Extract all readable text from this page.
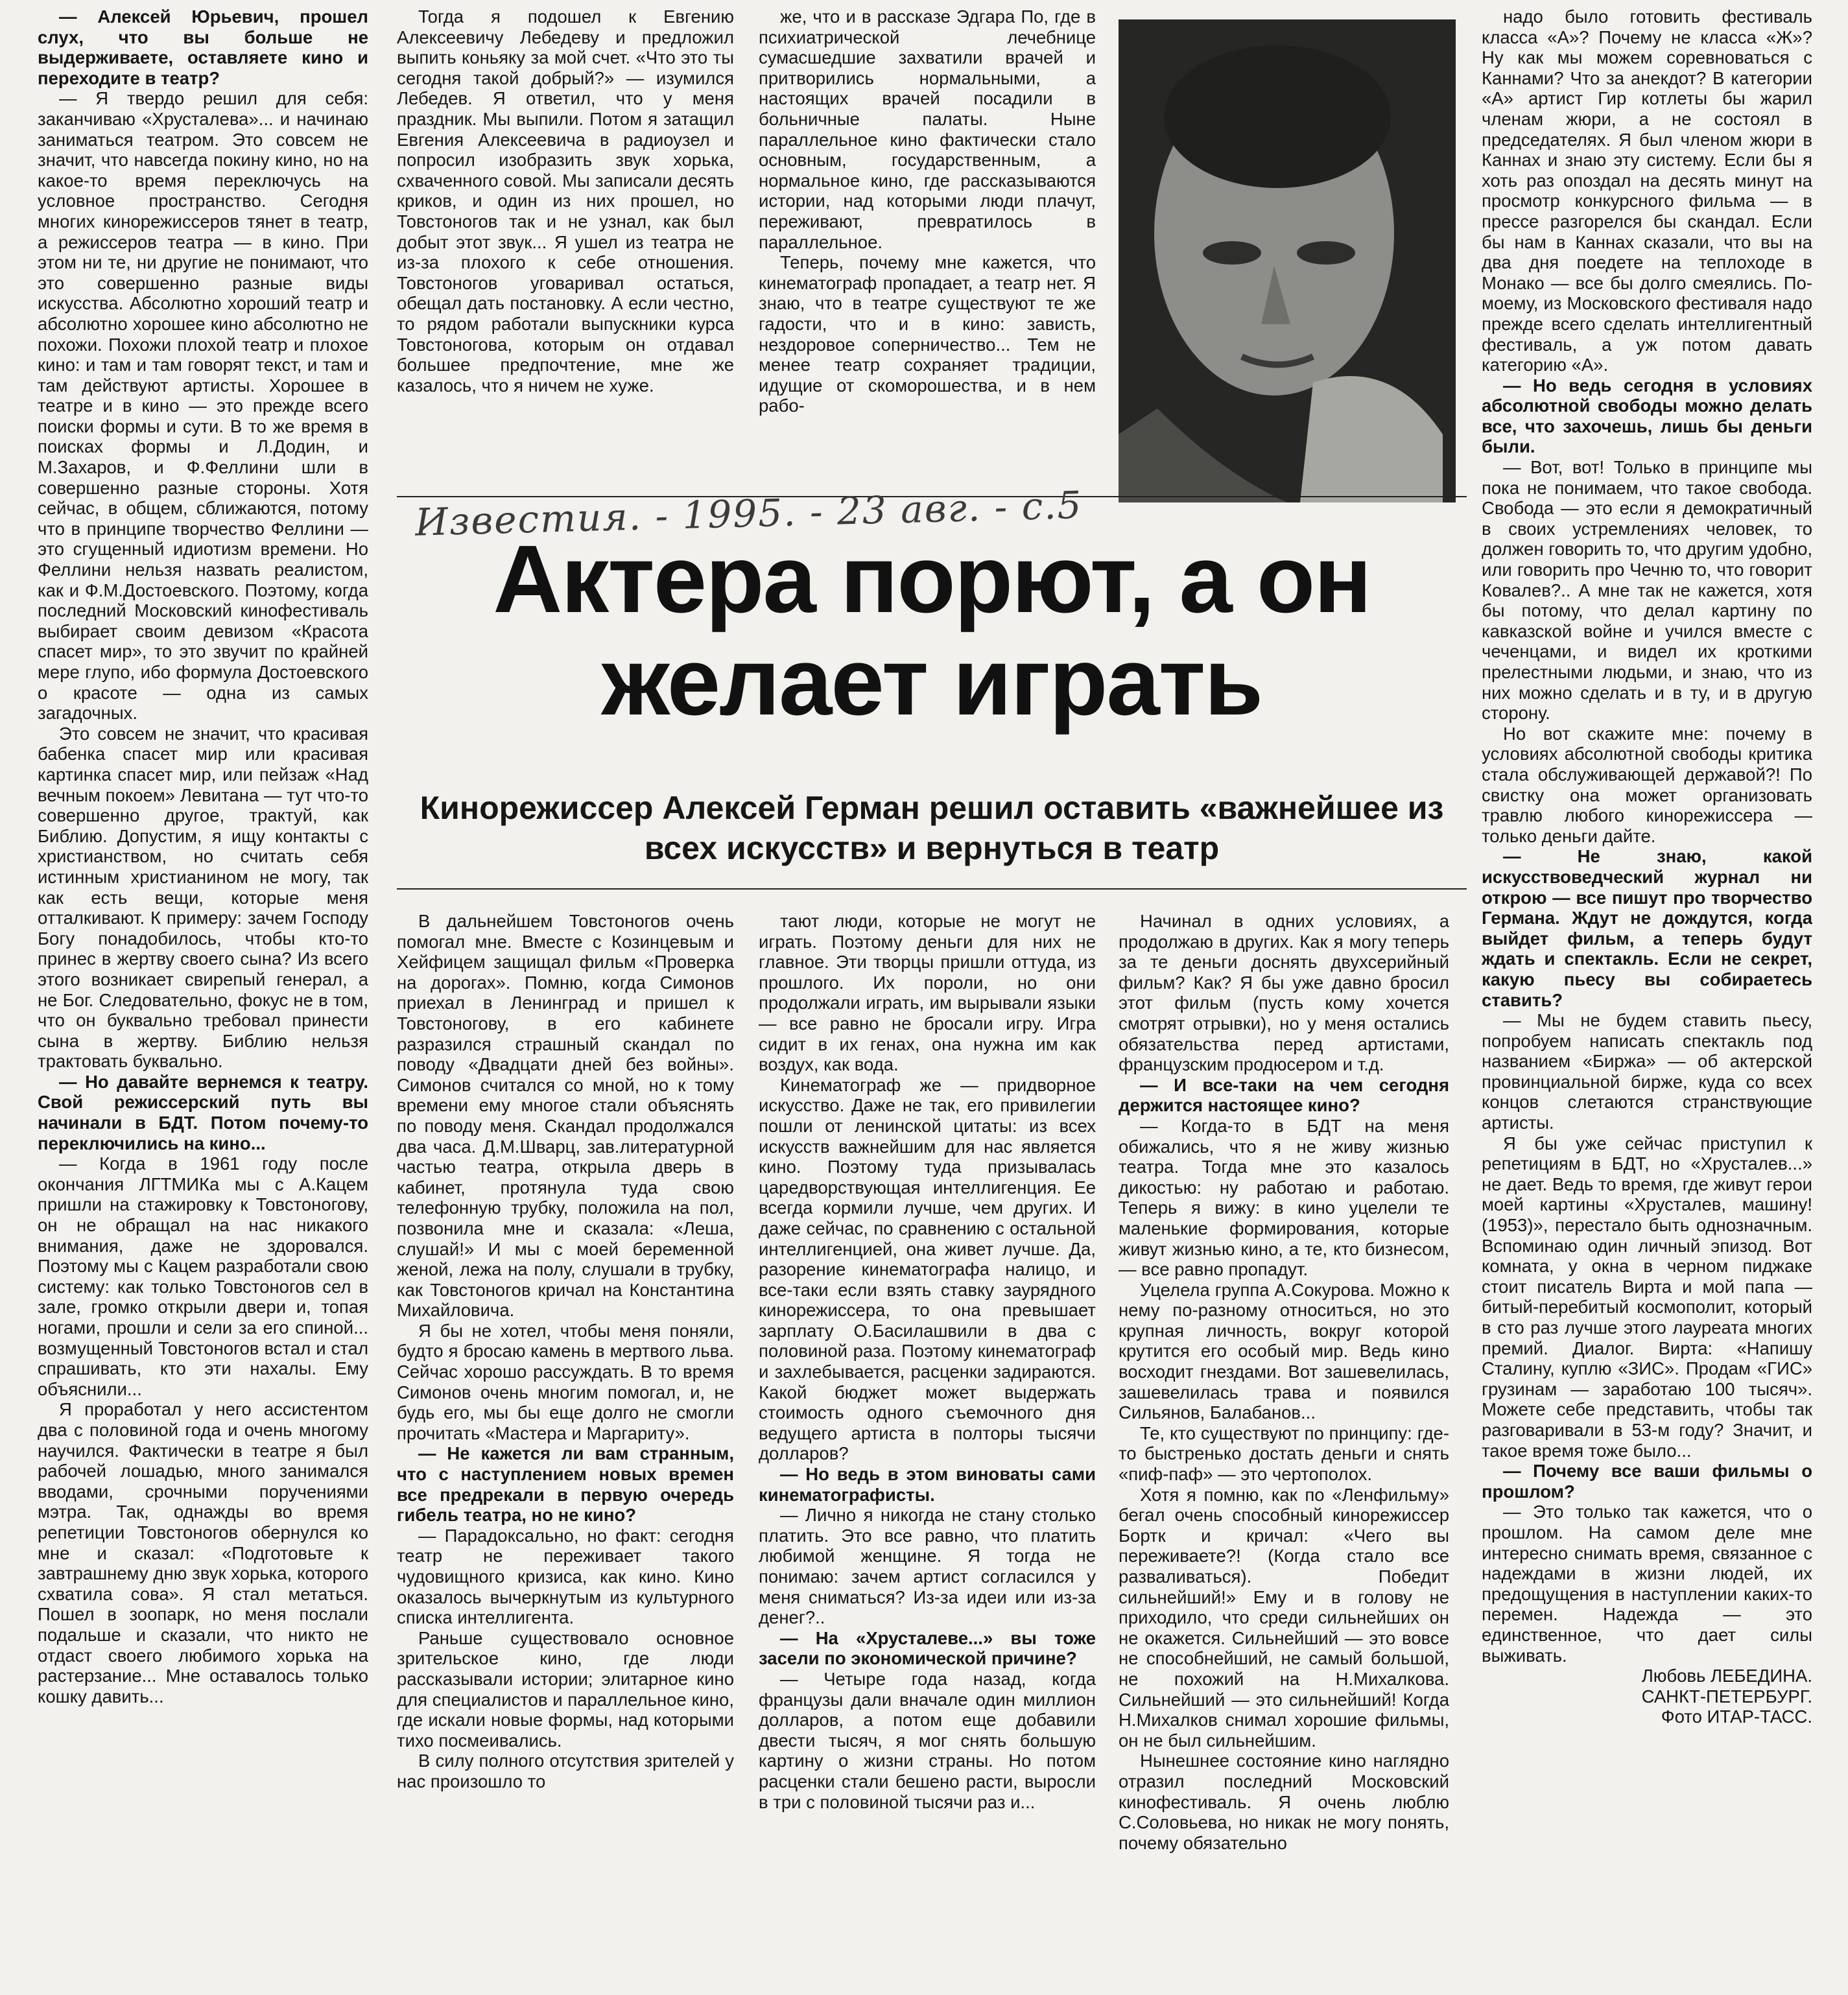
— Алексей Юрьевич, прошел слух, что вы больше не выдерживаете, оставляете кино и переходите в театр?

— Я твердо решил для себя: заканчиваю «Хрусталева»... и начинаю заниматься театром. Это совсем не значит, что навсегда покину кино, но на какое-то время переключусь на условное пространство. Сегодня многих кинорежиссеров тянет в театр, а режиссеров театра — в кино. При этом ни те, ни другие не понимают, что это совершенно разные виды искусства. Абсолютно хороший театр и абсолютно хорошее кино абсолютно не похожи. Похожи плохой театр и плохое кино: и там и там говорят текст, и там и там действуют артисты. Хорошее в театре и в кино — это прежде всего поиски формы и сути. В то же время в поисках формы и Л.Додин, и М.Захаров, и Ф.Феллини шли в совершенно разные стороны. Хотя сейчас, в общем, сближаются, потому что в принципе творчество Феллини — это сгущенный идиотизм времени. Но Феллини нельзя назвать реалистом, как и Ф.М.Достоевского. Поэтому, когда последний Московский кинофестиваль выбирает своим девизом «Красота спасет мир», то это звучит по крайней мере глупо, ибо формула Достоевского о красоте — одна из самых загадочных.

Это совсем не значит, что красивая бабенка спасет мир или красивая картинка спасет мир, или пейзаж «Над вечным покоем» Левитана — тут что-то совершенно другое, трактуй, как Библию. Допустим, я ищу контакты с христианством, но считать себя истинным христианином не могу, так как есть вещи, которые меня отталкивают. К примеру: зачем Господу Богу понадобилось, чтобы кто-то принес в жертву своего сына? Из всего этого возникает свирепый генерал, а не Бог. Следовательно, фокус не в том, что он буквально требовал принести сына в жертву. Библию нельзя трактовать буквально.

— Но давайте вернемся к театру. Свой режиссерский путь вы начинали в БДТ. Потом почему-то переключились на кино...

— Когда в 1961 году после окончания ЛГТМИКа мы с А.Кацем пришли на стажировку к Товстоногову, он не обращал на нас никакого внимания, даже не здоровался. Поэтому мы с Кацем разработали свою систему: как только Товстоногов сел в зале, громко открыли двери и, топая ногами, прошли и сели за его спиной... возмущенный Товстоногов встал и стал спрашивать, кто эти нахалы. Ему объяснили...

Я проработал у него ассистентом два с половиной года и очень многому научился. Фактически в театре я был рабочей лошадью, много занимался вводами, срочными поручениями мэтра. Так, однажды во время репетиции Товстоногов обернулся ко мне и сказал: «Подготовьте к завтрашнему дню звук хорька, которого схватила сова». Я стал метаться. Пошел в зоопарк, но меня послали подальше и сказали, что никто не отдаст своего любимого хорька на растерзание... Мне оставалось только кошку давить...

Тогда я подошел к Евгению Алексеевичу Лебедеву и предложил выпить коньяку за мой счет. «Что это ты сегодня такой добрый?» — изумился Лебедев. Я ответил, что у меня праздник. Мы выпили. Потом я затащил Евгения Алексеевича в радиоузел и попросил изобразить звук хорька, схваченного совой. Мы записали десять криков, и один из них прошел, но Товстоногов так и не узнал, как был добыт этот звук... Я ушел из театра не из-за плохого к себе отношения. Товстоногов уговаривал остаться, обещал дать постановку. А если честно, то рядом работали выпускники курса Товстоногова, которым он отдавал большее предпочтение, мне же казалось, что я ничем не хуже.

же, что и в рассказе Эдгара По, где в психиатрической лечебнице сумасшедшие захватили врачей и притворились нормальными, а настоящих врачей посадили в больничные палаты. Ныне параллельное кино фактически стало основным, государственным, а нормальное кино, где рассказываются истории, над которыми люди плачут, переживают, превратилось в параллельное.

Теперь, почему мне кажется, что кинематограф пропадает, а театр нет. Я знаю, что в театре существуют те же гадости, что и в кино: зависть, нездоровое соперничество... Тем не менее театр сохраняет традиции, идущие от скоморошества, и в нем рабо-

надо было готовить фестиваль класса «А»? Почему не класса «Ж»? Ну как мы можем соревноваться с Каннами? Что за анекдот? В категории «А» артист Гир котлеты бы жарил членам жюри, а не состоял в председателях. Я был членом жюри в Каннах и знаю эту систему. Если бы я хоть раз опоздал на десять минут на просмотр конкурсного фильма — в прессе разгорелся бы скандал. Если бы нам в Каннах сказали, что вы на два дня поедете на теплоходе в Монако — все бы долго смеялись. По-моему, из Московского фестиваля надо прежде всего сделать интеллигентный фестиваль, а уж потом давать категорию «А».

— Но ведь сегодня в условиях абсолютной свободы можно делать все, что захочешь, лишь бы деньги были.

— Вот, вот! Только в принципе мы пока не понимаем, что такое свобода. Свобода — это если я демократичный в своих устремлениях человек, то должен говорить то, что другим удобно, или говорить про Чечню то, что говорит Ковалев?.. А мне так не кажется, хотя бы потому, что делал картину по кавказской войне и учился вместе с чеченцами, и видел их кроткими прелестными людьми, и знаю, что из них можно сделать и в ту, и в другую сторону.

Но вот скажите мне: почему в условиях абсолютной свободы критика стала обслуживающей державой?! По свистку она может организовать травлю любого кинорежиссера — только деньги дайте.

— Не знаю, какой искусствоведческий журнал ни открою — все пишут про творчество Германа. Ждут не дождутся, когда выйдет фильм, а теперь будут ждать и спектакль. Если не секрет, какую пьесу вы собираетесь ставить?

— Мы не будем ставить пьесу, попробуем написать спектакль под названием «Биржа» — об актерской провинциальной бирже, куда со всех концов слетаются странствующие артисты.

Я бы уже сейчас приступил к репетициям в БДТ, но «Хрусталев...» не дает. Ведь то время, где живут герои моей картины «Хрусталев, машину! (1953)», перестало быть однозначным. Вспоминаю один личный эпизод. Вот комната, у окна в черном пиджаке стоит писатель Вирта и мой папа — битый-перебитый космополит, который в сто раз лучше этого лауреата многих премий. Диалог. Вирта: «Напишу Сталину, куплю «ЗИС». Продам «ГИС» грузинам — заработаю 100 тысяч». Можете себе представить, чтобы так разговаривали в 53-м году? Значит, и такое время тоже было...

— Почему все ваши фильмы о прошлом?

— Это только так кажется, что о прошлом. На самом деле мне интересно снимать время, связанное с надеждами в жизни людей, их предощущения в наступлении каких-то перемен. Надежда — это единственное, что дает силы выживать.

Любовь ЛЕБЕДИНА.

САНКТ-ПЕТЕРБУРГ.

Фото ИТАР-ТАСС.

Известия. - 1995. - 23 авг. - с.5
Актера порют, а он желает играть
Кинорежиссер Алексей Герман решил оставить «важнейшее из всех искусств» и вернуться в театр

В дальнейшем Товстоногов очень помогал мне. Вместе с Козинцевым и Хейфицем защищал фильм «Проверка на дорогах». Помню, когда Симонов приехал в Ленинград и пришел к Товстоногову, в его кабинете разразился страшный скандал по поводу «Двадцати дней без войны». Симонов считался со мной, но к тому времени ему многое стали объяснять по поводу меня. Скандал продолжался два часа. Д.М.Шварц, зав.литературной частью театра, открыла дверь в кабинет, протянула туда свою телефонную трубку, положила на пол, позвонила мне и сказала: «Леша, слушай!» И мы с моей беременной женой, лежа на полу, слушали в трубку, как Товстоногов кричал на Константина Михайловича.

Я бы не хотел, чтобы меня поняли, будто я бросаю камень в мертвого льва. Сейчас хорошо рассуждать. В то время Симонов очень многим помогал, и, не будь его, мы бы еще долго не смогли прочитать «Мастера и Маргариту».

— Не кажется ли вам странным, что с наступлением новых времен все предрекали в первую очередь гибель театра, но не кино?

— Парадоксально, но факт: сегодня театр не переживает такого чудовищного кризиса, как кино. Кино оказалось вычеркнутым из культурного списка интеллигента.

Раньше существовало основное зрительское кино, где люди рассказывали истории; элитарное кино для специалистов и параллельное кино, где искали новые формы, над которыми тихо посмеивались.

В силу полного отсутствия зрителей у нас произошло то

тают люди, которые не могут не играть. Поэтому деньги для них не главное. Эти творцы пришли оттуда, из прошлого. Их пороли, но они продолжали играть, им вырывали языки — все равно не бросали игру. Игра сидит в их генах, она нужна им как воздух, как вода.

Кинематограф же — придворное искусство. Даже не так, его привилегии пошли от ленинской цитаты: из всех искусств важнейшим для нас является кино. Поэтому туда призывалась царедворствующая интеллигенция. Ее всегда кормили лучше, чем других. И даже сейчас, по сравнению с остальной интеллигенцией, она живет лучше. Да, разорение кинематографа налицо, и все-таки если взять ставку заурядного кинорежиссера, то она превышает зарплату О.Басилашвили в два с половиной раза. Поэтому кинематограф и захлебывается, расценки задираются. Какой бюджет может выдержать стоимость одного съемочного дня ведущего артиста в полторы тысячи долларов?

— Но ведь в этом виноваты сами кинематографисты.

— Лично я никогда не стану столько платить. Это все равно, что платить любимой женщине. Я тогда не понимаю: зачем артист согласился у меня сниматься? Из-за идеи или из-за денег?..

— На «Хрусталеве...» вы тоже засели по экономической причине?

— Четыре года назад, когда французы дали вначале один миллион долларов, а потом еще добавили двести тысяч, я мог снять большую картину о жизни страны. Но потом расценки стали бешено расти, выросли в три с половиной тысячи раз и...

Начинал в одних условиях, а продолжаю в других. Как я могу теперь за те деньги доснять двухсерийный фильм? Как? Я бы уже давно бросил этот фильм (пусть кому хочется смотрят отрывки), но у меня остались обязательства перед артистами, французским продюсером и т.д.

— И все-таки на чем сегодня держится настоящее кино?

— Когда-то в БДТ на меня обижались, что я не живу жизнью театра. Тогда мне это казалось дикостью: ну работаю и работаю. Теперь я вижу: в кино уцелели те маленькие формирования, которые живут жизнью кино, а те, кто бизнесом, — все равно пропадут.

Уцелела группа А.Сокурова. Можно к нему по-разному относиться, но это крупная личность, вокруг которой крутится его особый мир. Ведь кино восходит гнездами. Вот зашевелилась, зашевелилась трава и появился Сильянов, Балабанов...

Те, кто существуют по принципу: где-то быстренько достать деньги и снять «пиф-паф» — это чертополох.

Хотя я помню, как по «Ленфильму» бегал очень способный кинорежиссер Бортк и кричал: «Чего вы переживаете?! (Когда стало все разваливаться). Победит сильнейший!» Ему и в голову не приходило, что среди сильнейших он не окажется. Сильнейший — это вовсе не способнейший, не самый большой, не похожий на Н.Михалкова. Сильнейший — это сильнейший! Когда Н.Михалков снимал хорошие фильмы, он не был сильнейшим.

Нынешнее состояние кино наглядно отразил последний Московский кинофестиваль. Я очень люблю С.Соловьева, но никак не могу понять, почему обязательно
